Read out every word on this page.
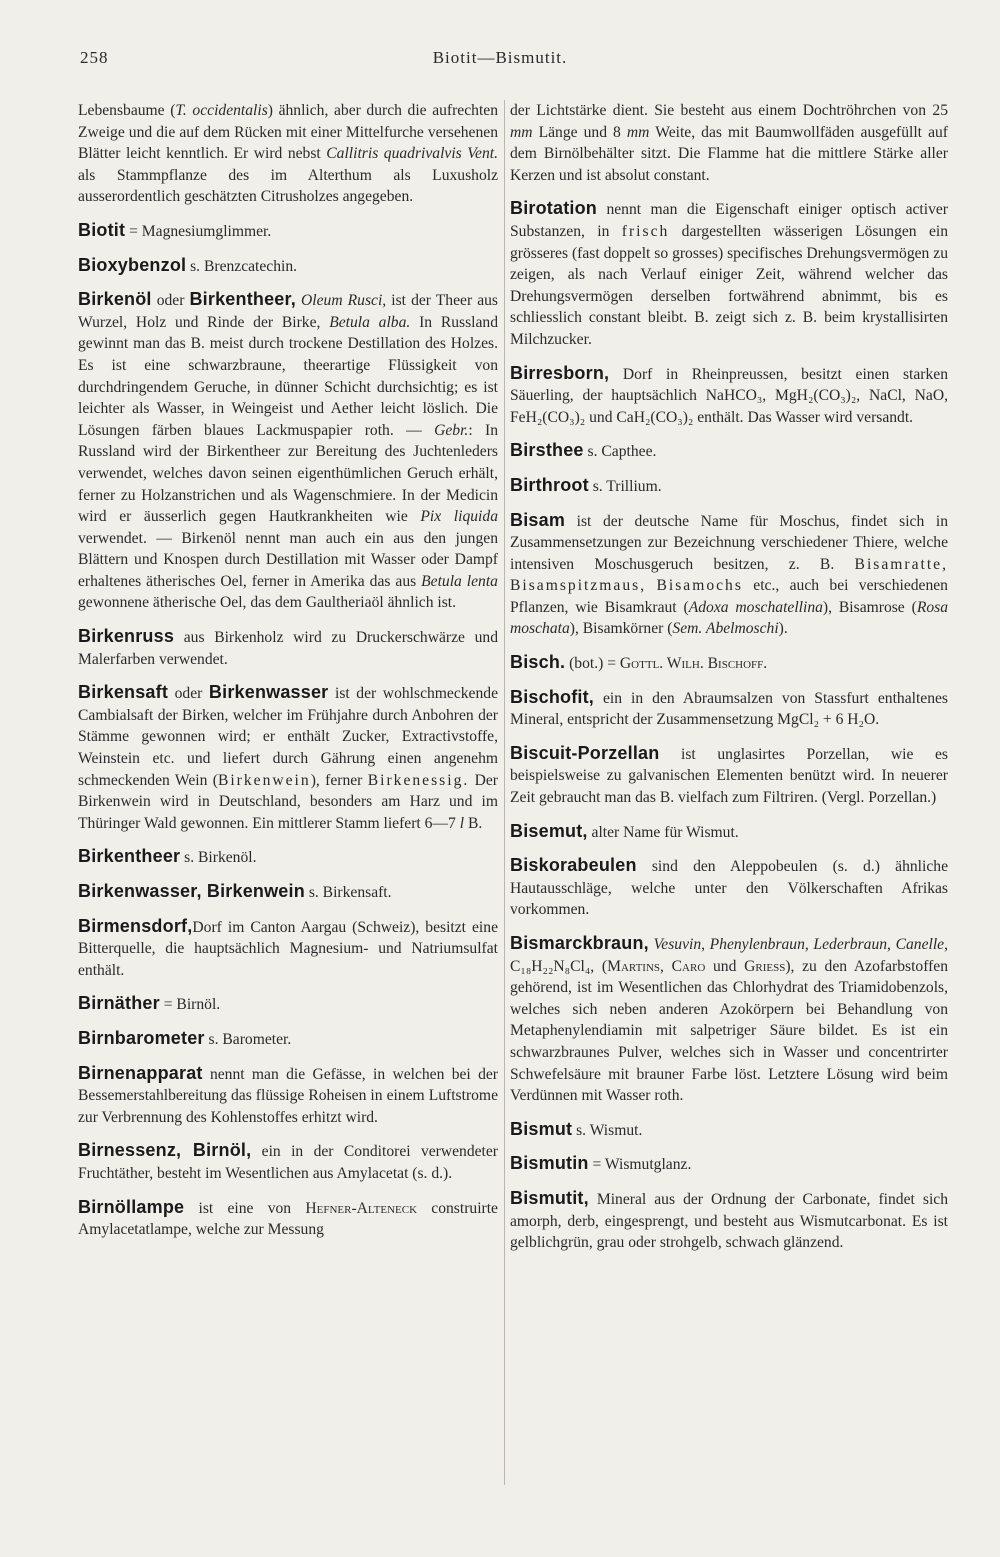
258	Biotit—Bismutit.

Lebensbaume (T. occidentalis) ähnlich, aber durch die aufrechten Zweige und die auf dem Rücken mit einer Mittelfurche versehenen Blätter leicht kenntlich. Er wird nebst Callitris quadrivalvis Vent. als Stammpflanze des im Alterthum als Luxusholz ausserordentlich geschätzten Citrusholzes angegeben.

Biotit = Magnesiumglimmer.

Bioxybenzol s. Brenzcatechin.

Birkenöl oder Birkentheer, Oleum Rusci, ist der Theer aus Wurzel, Holz und Rinde der Birke, Betula alba. In Russland gewinnt man das B. meist durch trockene Destillation des Holzes. Es ist eine schwarzbraune, theerartige Flüssigkeit von durchdringendem Geruche, in dünner Schicht durchsichtig; es ist leichter als Wasser, in Weingeist und Aether leicht löslich. Die Lösungen färben blaues Lackmuspapier roth. — Gebr.: In Russland wird der Birkentheer zur Bereitung des Juchtenleders verwendet, welches davon seinen eigenthümlichen Geruch erhält, ferner zu Holzanstrichen und als Wagenschmiere. In der Medicin wird er äusserlich gegen Hautkrankheiten wie Pix liquida verwendet. — Birkenöl nennt man auch ein aus den jungen Blättern und Knospen durch Destillation mit Wasser oder Dampf erhaltenes ätherisches Oel, ferner in Amerika das aus Betula lenta gewonnene ätherische Oel, das dem Gaultheriaöl ähnlich ist.

Birkenruss aus Birkenholz wird zu Druckerschwärze und Malerfarben verwendet.

Birkensaft oder Birkenwasser ist der wohlschmeckende Cambialsaft der Birken, welcher im Frühjahre durch Anbohren der Stämme gewonnen wird; er enthält Zucker, Extractivstoffe, Weinstein etc. und liefert durch Gährung einen angenehm schmeckenden Wein (Birkenwein), ferner Birkenessig. Der Birkenwein wird in Deutschland, besonders am Harz und im Thüringer Wald gewonnen. Ein mittlerer Stamm liefert 6—7 l B.

Birkentheer s. Birkenöl.

Birkenwasser, Birkenwein s. Birkensaft.

Birmensdorf,Dorf im Canton Aargau (Schweiz), besitzt eine Bitterquelle, die hauptsächlich Magnesium- und Natriumsulfat enthält.

Birnäther = Birnöl.

Birnbarometer s. Barometer.

Birnenapparat nennt man die Gefässe, in welchen bei der Bessemerstahlbereitung das flüssige Roheisen in einem Luftstrome zur Verbrennung des Kohlenstoffes erhitzt wird.

Birnessenz, Birnöl, ein in der Conditorei verwendeter Fruchtäther, besteht im Wesentlichen aus Amylacetat (s. d.).

Birnöllampe ist eine von Hefner-Alteneck construirte Amylacetatlampe, welche zur Messung

der Lichtstärke dient. Sie besteht aus einem Dochtröhrchen von 25 mm Länge und 8 mm Weite, das mit Baumwollfäden ausgefüllt auf dem Birnölbehälter sitzt. Die Flamme hat die mittlere Stärke aller Kerzen und ist absolut constant.

Birotation nennt man die Eigenschaft einiger optisch activer Substanzen, in frisch dargestellten wässerigen Lösungen ein grösseres (fast doppelt so grosses) specifisches Drehungsvermögen zu zeigen, als nach Verlauf einiger Zeit, während welcher das Drehungsvermögen derselben fortwährend abnimmt, bis es schliesslich constant bleibt. B. zeigt sich z. B. beim krystallisirten Milchzucker.

Birresborn, Dorf in Rheinpreussen, besitzt einen starken Säuerling, der hauptsächlich NaHCO₃, MgH₂(CO₃)₂, NaCl, NaO, FeH₂(CO₃)₂ und CaH₂(CO₃)₂ enthält. Das Wasser wird versandt.

Birsthee s. Capthee.

Birthroot s. Trillium.

Bisam ist der deutsche Name für Moschus, findet sich in Zusammensetzungen zur Bezeichnung verschiedener Thiere, welche intensiven Moschusgeruch besitzen, z. B. Bisamratte, Bisamspitzmaus, Bisamochs etc., auch bei verschiedenen Pflanzen, wie Bisamkraut (Adoxa moschatellina), Bisamrose (Rosa moschata), Bisamkörner (Sem. Abelmoschi).

Bisch. (bot.) = Gottl. Wilh. Bischoff.

Bischofit, ein in den Abraumsalzen von Stassfurt enthaltenes Mineral, entspricht der Zusammensetzung MgCl₂ + 6 H₂O.

Biscuit-Porzellan ist unglasirtes Porzellan, wie es beispielsweise zu galvanischen Elementen benützt wird. In neuerer Zeit gebraucht man das B. vielfach zum Filtriren. (Vergl. Porzellan.)

Bisemut, alter Name für Wismut.

Biskorabeulen sind den Aleppobeulen (s. d.) ähnliche Hautausschläge, welche unter den Völkerschaften Afrikas vorkommen.

Bismarckbraun, Vesuvin, Phenylenbraun, Lederbraun, Canelle, C₁₈H₂₂N₈Cl₄, (Martins, Caro und Griess), zu den Azofarbstoffen gehörend, ist im Wesentlichen das Chlorhydrat des Triamidobenzols, welches sich neben anderen Azokörpern bei Behandlung von Metaphenylendiamin mit salpetriger Säure bildet. Es ist ein schwarzbraunes Pulver, welches sich in Wasser und concentrirter Schwefelsäure mit brauner Farbe löst. Letztere Lösung wird beim Verdünnen mit Wasser roth.

Bismut s. Wismut.

Bismutin = Wismutglanz.

Bismutit, Mineral aus der Ordnung der Carbonate, findet sich amorph, derb, eingesprengt, und besteht aus Wismutcarbonat. Es ist gelblichgrün, grau oder strohgelb, schwach glänzend.
